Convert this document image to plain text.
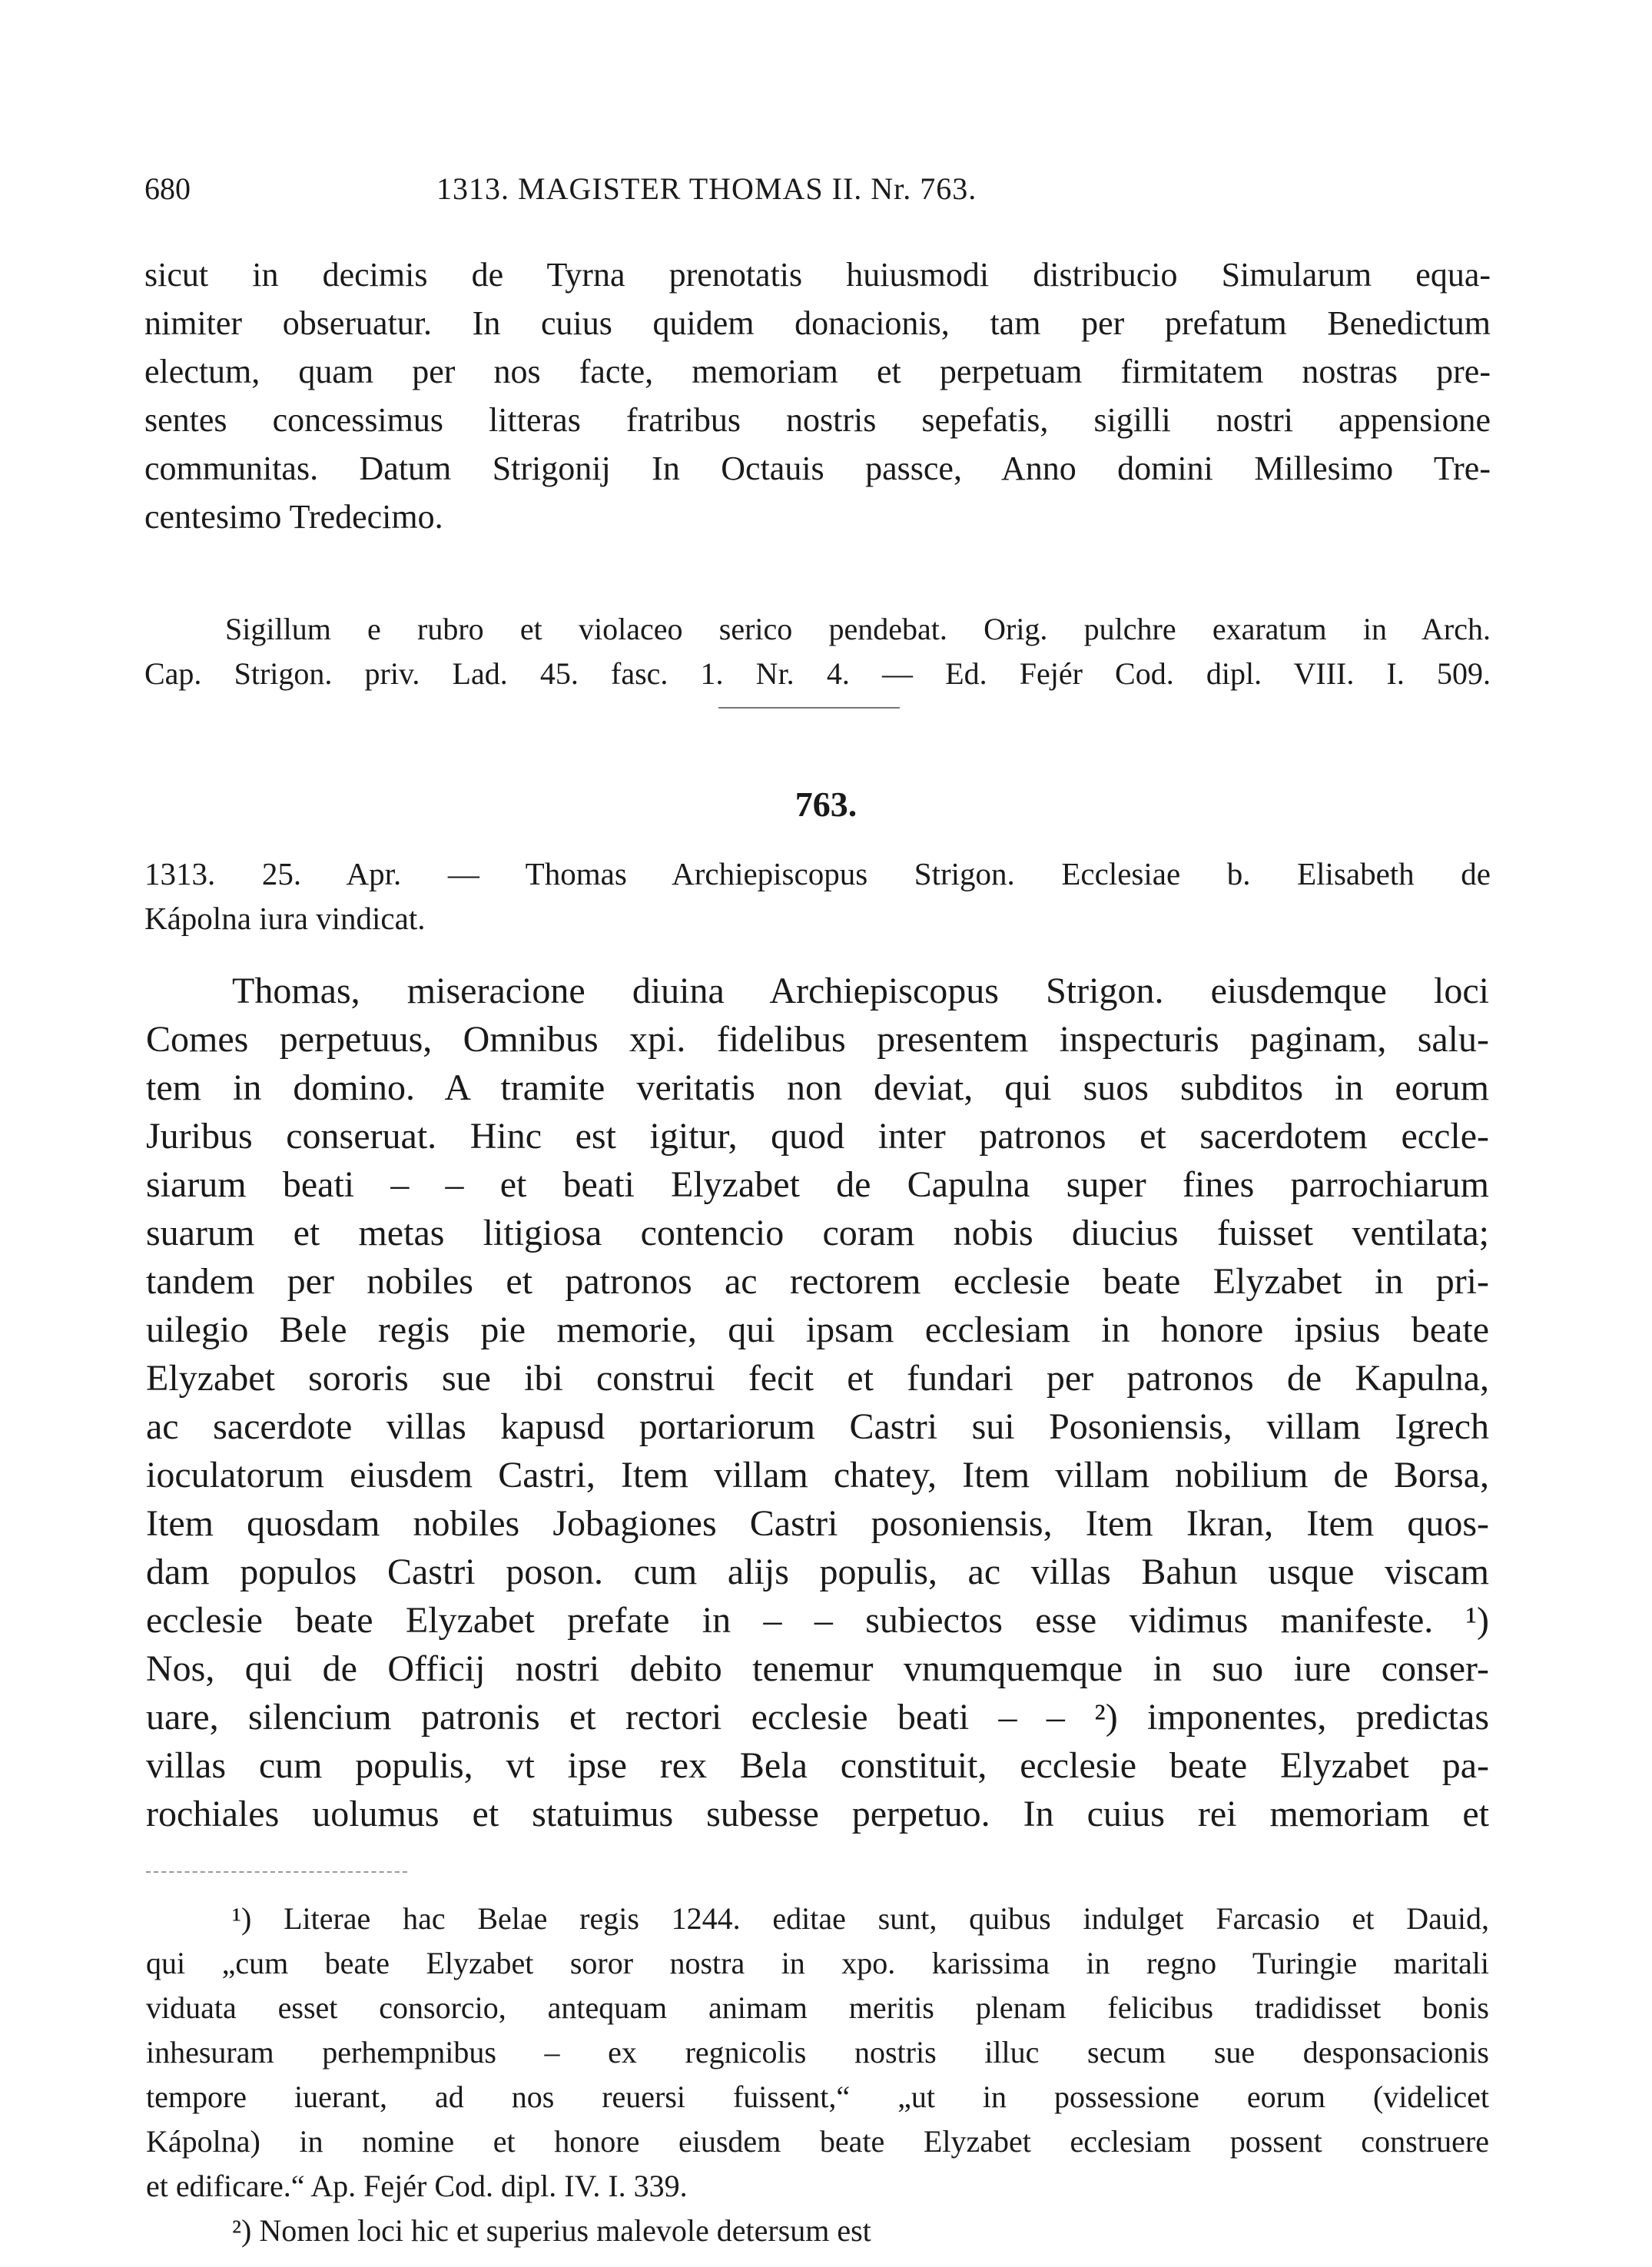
680	1313. MAGISTER THOMAS II. Nr. 763.
sicut in decimis de Tyrna prenotatis huiusmodi distribucio Simularum equa-
nimiter obseruatur. In cuius quidem donacionis, tam per prefatum Benedictum
electum, quam per nos facte, memoriam et perpetuam firmitatem nostras pre-
sentes concessimus litteras fratribus nostris sepefatis, sigilli nostri appensione
communitas. Datum Strigonij In Octauis passce, Anno domini Millesimo Tre-
centesimo Tredecimo.
Sigillum e rubro et violaceo serico pendebat. Orig. pulchre exaratum in Arch.
Cap. Strigon. priv. Lad. 45. fasc. 1. Nr. 4. — Ed. Fejér Cod. dipl. VIII. I. 509.
763.
1313. 25. Apr. — Thomas Archiepiscopus Strigon. Ecclesiae b. Elisabeth de
Kápolna iura vindicat.
Thomas, miseracione diuina Archiepiscopus Strigon. eiusdemque loci
Comes perpetuus, Omnibus xpi. fidelibus presentem inspecturis paginam, salu-
tem in domino. A tramite veritatis non deviat, qui suos subditos in eorum
Juribus conseruat. Hinc est igitur, quod inter patronos et sacerdotem eccle-
siarum beati – – et beati Elyzabet de Capulna super fines parrochiarum
suarum et metas litigiosa contencio coram nobis diucius fuisset ventilata;
tandem per nobiles et patronos ac rectorem ecclesie beate Elyzabet in pri-
uilegio Bele regis pie memorie, qui ipsam ecclesiam in honore ipsius beate
Elyzabet sororis sue ibi construi fecit et fundari per patronos de Kapulna,
ac sacerdote villas kapusd portariorum Castri sui Posoniensis, villam Igrech
ioculatorum eiusdem Castri, Item villam chatey, Item villam nobilium de Borsa,
Item quosdam nobiles Jobagiones Castri posoniensis, Item Ikran, Item quos-
dam populos Castri poson. cum alijs populis, ac villas Bahun usque viscam
ecclesie beate Elyzabet prefate in – – subiectos esse vidimus manifeste. ¹)
Nos, qui de Officij nostri debito tenemur vnumquemque in suo iure conser-
uare, silencium patronis et rectori ecclesie beati – – ²) imponentes, predictas
villas cum populis, vt ipse rex Bela constituit, ecclesie beate Elyzabet pa-
rochiales uolumus et statuimus subesse perpetuo. In cuius rei memoriam et
¹) Literae hac Belae regis 1244. editae sunt, quibus indulget Farcasio et Dauid,
qui „cum beate Elyzabet soror nostra in xpo. karissima in regno Turingie maritali
viduata esset consorcio, antequam animam meritis plenam felicibus tradidisset bonis
inhesuram perhempnibus – ex regnicolis nostris illuc secum sue desponsacionis
tempore iuerant, ad nos reuersi fuissent,“ „ut in possessione eorum (videlicet
Kápolna) in nomine et honore eiusdem beate Elyzabet ecclesiam possent construere
et edificare.“ Ap. Fejér Cod. dipl. IV. I. 339.
²) Nomen loci hic et superius malevole detersum est
